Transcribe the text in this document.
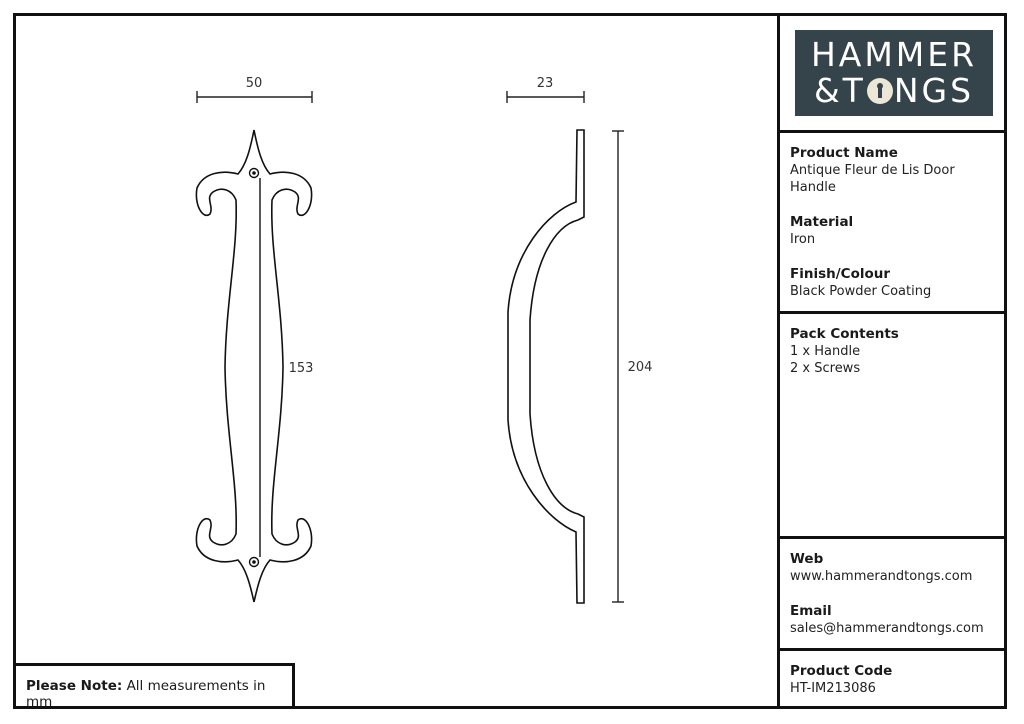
50	23
153	204
HAMMER
& T NGS
Product Name
Antique Fleur de Lis Door
Handle
Material
Iron
Finish/Colour
Black Powder Coating
Pack Contents
1 x Handle
2 x Screws
Web
www.hammerandtongs.com
Email
sales@hammerandtongs.com
Product Code
HT-IM213086
Please Note: All measurements in mm
